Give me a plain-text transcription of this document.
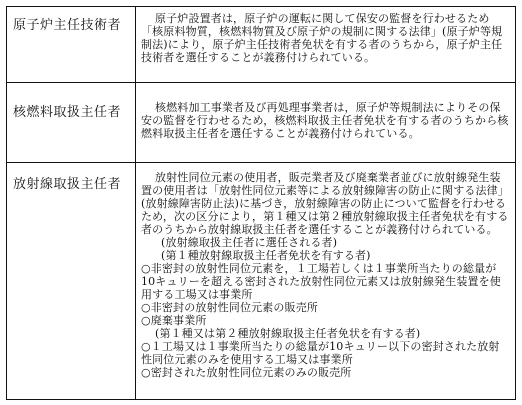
原子炉主任技術者	原子炉設置者は，原子炉の運転に関して保安の監督を行わせるため「核原料物質，核燃料物質及び原子炉の規制に関する法律」(原子炉等規制法)により，原子炉主任技術者免状を有する者のうちから，原子炉主任技術者を選任することが義務付けられている。

核燃料取扱主任者	核燃料加工事業者及び再処理事業者は，原子炉等規制法によりその保安の監督を行わせるため，核燃料取扱主任者免状を有する者のうちから核燃料取扱主任者を選任することが義務付けられている。

放射線取扱主任者	放射性同位元素の使用者，販売業者及び廃棄業者並びに放射線発生装置の使用者は「放射性同位元素等による放射線障害の防止に関する法律」(放射線障害防止法)に基づき，放射線障害の防止について監督を行わせるため，次の区分により，第１種又は第２種放射線取扱主任者免状を有する者のうちから放射線取扱主任者を選任することが義務付けられている。

(放射線取扱主任者に選任される者)
(第１種放射線取扱主任者免状を有する者)
○非密封の放射性同位元素を，１工場若しくは１事業所当たりの総量が10キュリーを超える密封された放射性同位元素又は放射線発生装置を使用する工場又は事業所
○非密封の放射性同位元素の販売所
○廃棄事業所
(第１種又は第２種放射線取扱主任者免状を有する者)
○１工場又は１事業所当たりの総量が10キュリー以下の密封された放射性同位元素のみを使用する工場又は事業所
○密封された放射性同位元素のみの販売所
